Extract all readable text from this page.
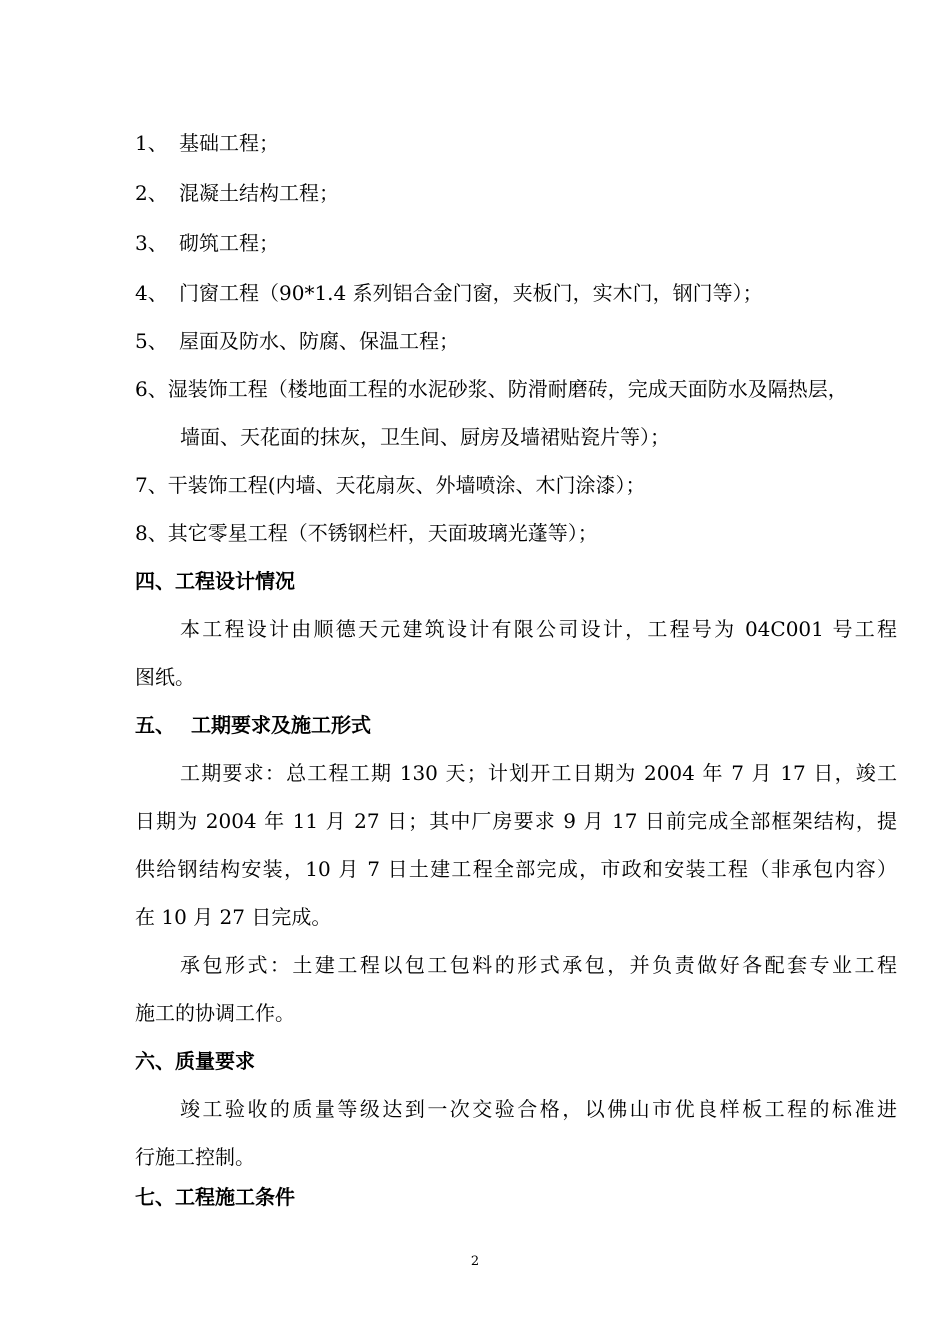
1、 基础工程；
2、 混凝土结构工程；
3、 砌筑工程；
4、 门窗工程（90*1.4 系列铝合金门窗，夹板门，实木门，钢门等）；
5、 屋面及防水、防腐、保温工程；
6、湿装饰工程（楼地面工程的水泥砂浆、防滑耐磨砖，完成天面防水及隔热层，
墙面、天花面的抹灰，卫生间、厨房及墙裙贴瓷片等）；
7、干装饰工程(内墙、天花扇灰、外墙喷涂、木门涂漆）；
8、其它零星工程（不锈钢栏杆，天面玻璃光蓬等）；
四、工程设计情况
本工程设计由顺德天元建筑设计有限公司设计，工程号为 04C001 号工程
图纸。
五、 工期要求及施工形式
工期要求：总工程工期 130 天；计划开工日期为 2004 年 7 月 17 日，竣工
日期为 2004 年 11 月 27 日；其中厂房要求 9 月 17 日前完成全部框架结构，提
供给钢结构安装，10 月 7 日土建工程全部完成，市政和安装工程（非承包内容）
在 10 月 27 日完成。
承包形式：土建工程以包工包料的形式承包，并负责做好各配套专业工程
施工的协调工作。
六、质量要求
竣工验收的质量等级达到一次交验合格，以佛山市优良样板工程的标准进
行施工控制。
七、工程施工条件
2
